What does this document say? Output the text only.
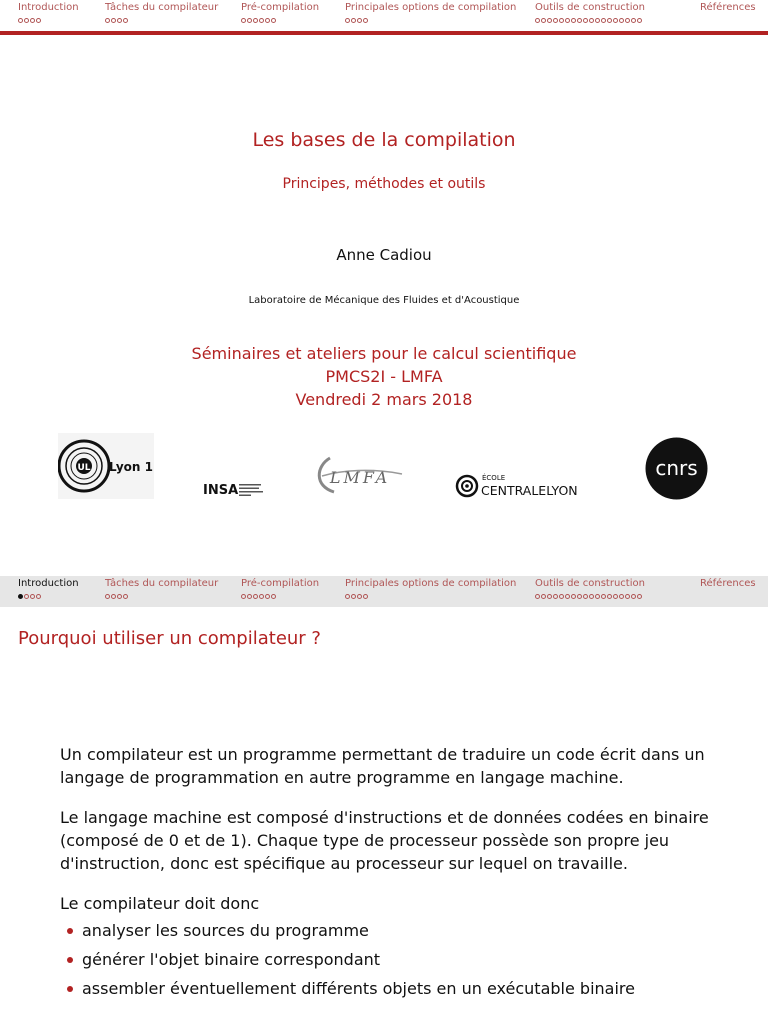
Introduction	Tâches du compilateur Pré-compilation	Principales options de compilation Outils de construction	Références
Les bases de la compilation
Principes, méthodes et outils
Anne Cadiou
Laboratoire de Mécanique des Fluides et d'Acoustique
Séminaires et ateliers pour le calcul scientifique
PMCS2I - LMFA
Vendredi 2 mars 2018
UL Lyon 1
INSA
LMFA	ÉCOLE
CENTRALELYON
cnrs
Introduction	Tâches du compilateur Pré-compilation	Principales options de compilation Outils de construction	Références
Pourquoi utiliser un compilateur ?

Un compilateur est un programme permettant de traduire un code écrit dans un langage de programmation en autre programme en langage machine.

Le langage machine est composé d'instructions et de données codées en binaire (composé de 0 et de 1). Chaque type de processeur possède son propre jeu d'instruction, donc est spécifique au processeur sur lequel on travaille.

Le compilateur doit donc

analyser les sources du programme
générer l'objet binaire correspondant
assembler éventuellement différents objets en un exécutable binaire
